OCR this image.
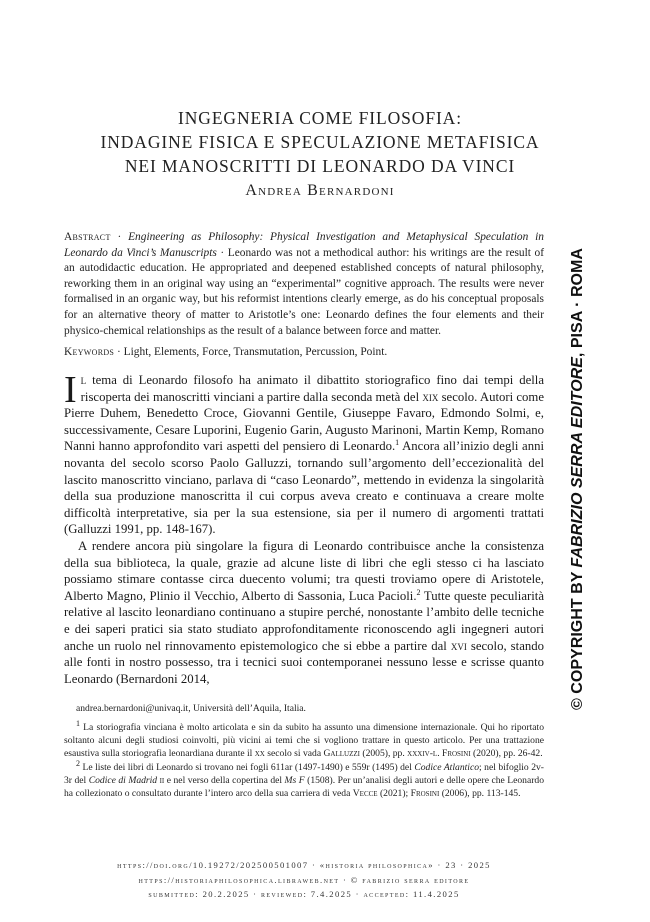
INGEGNERIA COME FILOSOFIA:
INDAGINE FISICA E SPECULAZIONE METAFISICA
NEI MANOSCRITTI DI LEONARDO DA VINCI
Andrea Bernardoni
Abstract · Engineering as Philosophy: Physical Investigation and Metaphysical Speculation in Leonardo da Vinci’s Manuscripts · Leonardo was not a methodical author: his writings are the result of an autodidactic education. He appropriated and deepened established concepts of natural philosophy, reworking them in an original way using an “experimental” cognitive approach. The results were never formalised in an organic way, but his reformist intentions clearly emerge, as do his conceptual proposals for an alternative theory of matter to Aristotle’s one: Leonardo defines the four elements and their physico-chemical relationships as the result of a balance between force and matter.
Keywords · Light, Elements, Force, Transmutation, Percussion, Point.

Il tema di Leonardo filosofo ha animato il dibattito storiografico fino dai tempi della riscoperta dei manoscritti vinciani a partire dalla seconda metà del xix secolo. Autori come Pierre Duhem, Benedetto Croce, Giovanni Gentile, Giuseppe Favaro, Edmondo Solmi, e, successivamente, Cesare Luporini, Eugenio Garin, Augusto Marinoni, Martin Kemp, Romano Nanni hanno approfondito vari aspetti del pensiero di Leonardo.$^1$ Ancora all’inizio degli anni novanta del secolo scorso Paolo Galluzzi, tornando sull’argomento dell’eccezionalità del lascito manoscritto vinciano, parlava di “caso Leonardo”, mettendo in evidenza la singolarità della sua produzione manoscritta il cui corpus aveva creato e continuava a creare molte difficoltà interpretative, sia per la sua estensione, sia per il numero di argomenti trattati (Galluzzi 1991, pp. 148-167).

A rendere ancora più singolare la figura di Leonardo contribuisce anche la consistenza della sua biblioteca, la quale, grazie ad alcune liste di libri che egli stesso ci ha lasciato possiamo stimare contasse circa duecento volumi; tra questi troviamo opere di Aristotele, Alberto Magno, Plinio il Vecchio, Alberto di Sassonia, Luca Pacioli.$^2$ Tutte queste peculiarità relative al lascito leonardiano continuano a stupire perché, nonostante l’ambito delle tecniche e dei saperi pratici sia stato studiato approfonditamente riconoscendo agli ingegneri autori anche un ruolo nel rinnovamento epistemologico che si ebbe a partire dal xvi secolo, stando alle fonti in nostro possesso, tra i tecnici suoi contemporanei nessuno lesse e scrisse quanto Leonardo (Bernardoni 2014,

andrea.bernardoni@univaq.it, Università dell’Aquila, Italia.

$^1$ La storiografia vinciana è molto articolata e sin da subito ha assunto una dimensione internazionale. Qui ho riportato soltanto alcuni degli studiosi coinvolti, più vicini ai temi che si vogliono trattare in questo articolo. Per una trattazione esaustiva sulla storiografia leonardiana durante il xx secolo si vada Galluzzi (2005), pp. xxxiv-l. Frosini (2020), pp. 26-42.

$^2$ Le liste dei libri di Leonardo si trovano nei fogli 611ar (1497-1490) e 559r (1495) del Codice Atlantico; nel bifoglio 2v-3r del Codice di Madrid ii e nel verso della copertina del Ms F (1508). Per un’analisi degli autori e delle opere che Leonardo ha collezionato o consultato durante l’intero arco della sua carriera di veda Vecce (2021); Frosini (2006), pp. 113-145.

https://doi.org/10.19272/202500501007 · «historia philosophica» · 23 · 2025
https://historiaphilosophica.libraweb.net · © fabrizio serra editore
submitted: 20.2.2025 · reviewed: 7.4.2025 · accepted: 11.4.2025
© COPYRIGHT BY FABRIZIO SERRA EDITORE, PISA · ROMA
